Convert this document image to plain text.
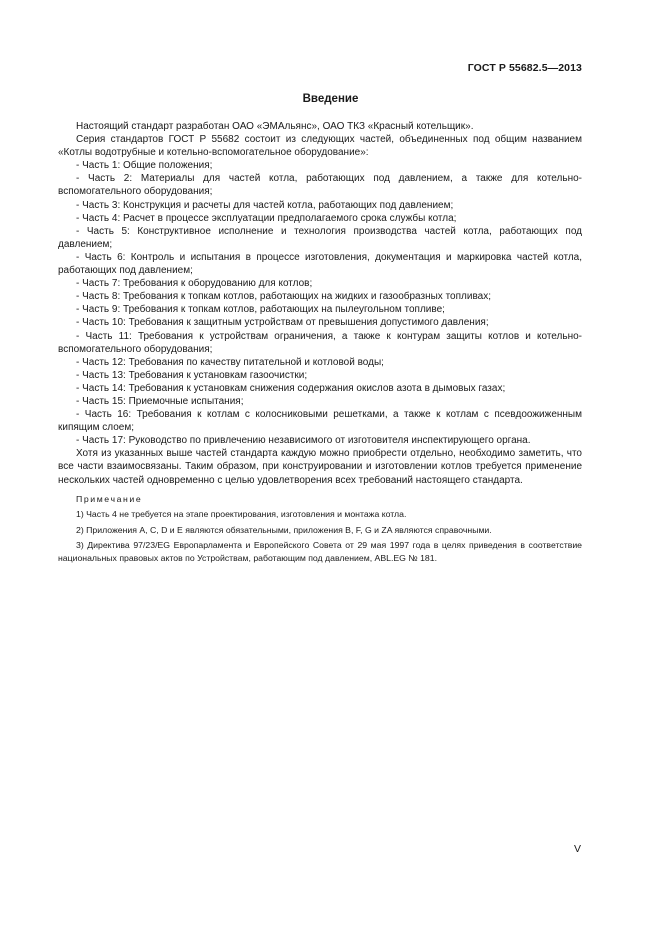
ГОСТ Р 55682.5—2013
Введение

Настоящий стандарт разработан ОАО «ЭМАльянс», ОАО ТКЗ «Красный котельщик».

Серия стандартов ГОСТ Р 55682 состоит из следующих частей, объединенных под общим названием «Котлы водотрубные и котельно-вспомогательное оборудование»:

- Часть 1: Общие положения;

- Часть 2: Материалы для частей котла, работающих под давлением, а также для котельно-вспомогательного оборудования;

- Часть 3: Конструкция и расчеты для частей котла, работающих под давлением;

- Часть 4: Расчет в процессе эксплуатации предполагаемого срока службы котла;

- Часть 5: Конструктивное исполнение и технология производства частей котла, работающих под давлением;

- Часть 6: Контроль и испытания в процессе изготовления, документация и маркировка частей котла, работающих под давлением;

- Часть 7: Требования к оборудованию для котлов;

- Часть 8: Требования к топкам котлов, работающих на жидких и газообразных топливах;

- Часть 9: Требования к топкам котлов, работающих на пылеугольном топливе;

- Часть 10: Требования к защитным устройствам от превышения допустимого давления;

- Часть 11: Требования к устройствам ограничения, а также к контурам защиты котлов и котельно-вспомогательного оборудования;

- Часть 12: Требования по качеству питательной и котловой воды;

- Часть 13: Требования к установкам газоочистки;

- Часть 14: Требования к установкам снижения содержания окислов азота в дымовых газах;

- Часть 15: Приемочные испытания;

- Часть 16: Требования к котлам с колосниковыми решетками, а также к котлам с псевдоожиженным кипящим слоем;

- Часть 17: Руководство по привлечению независимого от изготовителя инспектирующего органа.

Хотя из указанных выше частей стандарта каждую можно приобрести отдельно, необходимо заметить, что все части взаимосвязаны. Таким образом, при конструировании и изготовлении котлов требуется применение нескольких частей одновременно с целью удовлетворения всех требований настоящего стандарта.

Примечание

1) Часть 4 не требуется на этапе проектирования, изготовления и монтажа котла.

2) Приложения А, С, D и Е являются обязательными, приложения В, F, G и ZA являются справочными.

3) Директива 97/23/EG Европарламента и Европейского Совета от 29 мая 1997 года в целях приведения в соответствие национальных правовых актов по Устройствам, работающим под давлением, ABL.EG № 181.

V
